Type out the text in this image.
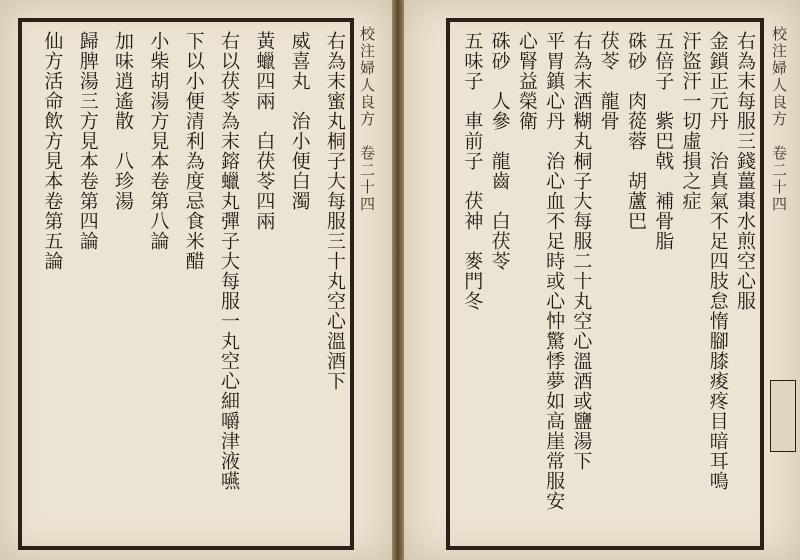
右為末蜜丸桐子大每服三十丸空心溫酒下
威喜丸　治小便白濁
黃蠟四兩　白茯苓四兩
右以茯苓為末鎔蠟丸彈子大每服一丸空心細嚼津液嚥
下以小便清利為度忌食米醋
小柴胡湯方見本卷第八論
加味逍遙散　八珍湯
歸脾湯三方見本卷第四論
仙方活命飲方見本卷第五論	校注婦人良方　卷二十四	右為末每服三錢薑棗水煎空心服
金鎖正元丹　治真氣不足四肢怠惰腳膝痠疼目暗耳鳴
汗盜汗一切虛損之症
五倍子　紫巴戟　補骨脂
硃砂　肉蓯蓉　胡蘆巴
茯苓　龍骨
右為末酒糊丸桐子大每服二十丸空心溫酒或鹽湯下
平胃鎮心丹　治心血不足時或心忡驚悸夢如高崖常服安
心腎益榮衛
硃砂　人參　龍齒　白茯苓
五味子　車前子　茯神　麥門冬	校注婦人良方　卷二十四
